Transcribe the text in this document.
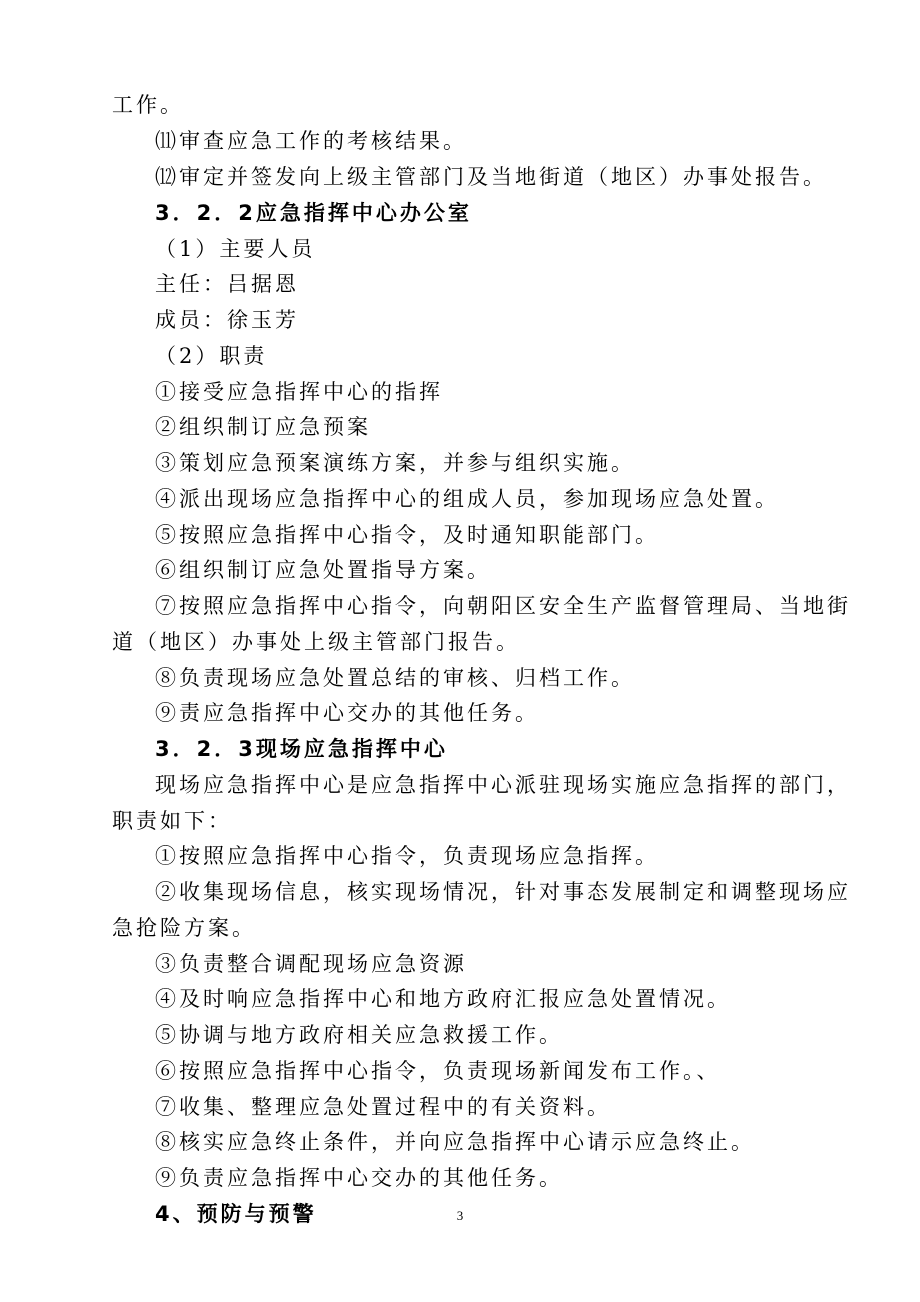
工作。
⑾审查应急工作的考核结果。
⑿审定并签发向上级主管部门及当地街道（地区）办事处报告。
3．2．2应急指挥中心办公室
（1）主要人员
主任：吕据恩
成员：徐玉芳
（2）职责
①接受应急指挥中心的指挥
②组织制订应急预案
③策划应急预案演练方案，并参与组织实施。
④派出现场应急指挥中心的组成人员，参加现场应急处置。
⑤按照应急指挥中心指令，及时通知职能部门。
⑥组织制订应急处置指导方案。
⑦按照应急指挥中心指令，向朝阳区安全生产监督管理局、当地街
道（地区）办事处上级主管部门报告。
⑧负责现场应急处置总结的审核、归档工作。
⑨责应急指挥中心交办的其他任务。
3．2．3现场应急指挥中心
现场应急指挥中心是应急指挥中心派驻现场实施应急指挥的部门，
职责如下：
①按照应急指挥中心指令，负责现场应急指挥。
②收集现场信息，核实现场情况，针对事态发展制定和调整现场应
急抢险方案。
③负责整合调配现场应急资源
④及时响应急指挥中心和地方政府汇报应急处置情况。
⑤协调与地方政府相关应急救援工作。
⑥按照应急指挥中心指令，负责现场新闻发布工作。、
⑦收集、整理应急处置过程中的有关资料。
⑧核实应急终止条件，并向应急指挥中心请示应急终止。
⑨负责应急指挥中心交办的其他任务。
4、预防与预警	3
